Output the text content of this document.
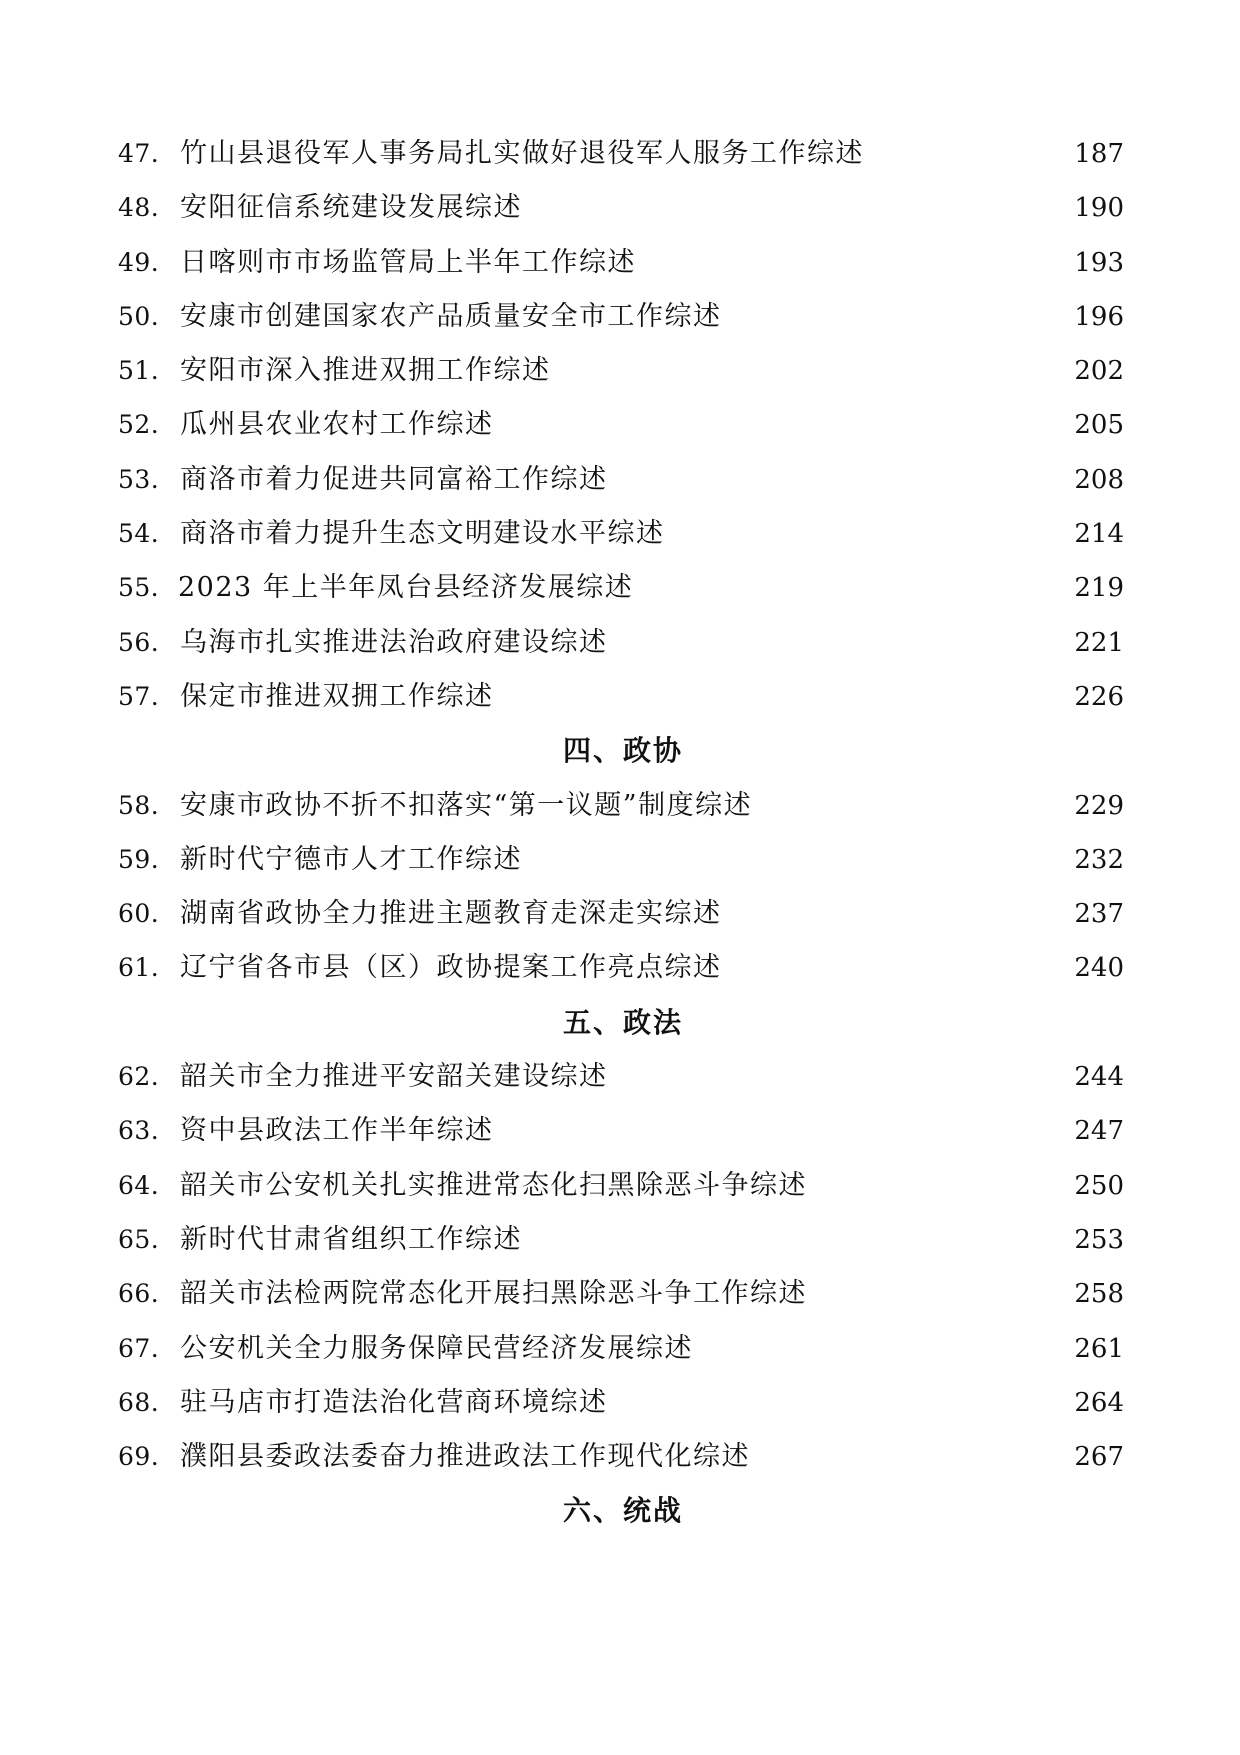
47. 竹山县退役军人事务局扎实做好退役军人服务工作综述	187
48. 安阳征信系统建设发展综述	190
49. 日喀则市市场监管局上半年工作综述	193
50. 安康市创建国家农产品质量安全市工作综述	196
51. 安阳市深入推进双拥工作综述	202
52. 瓜州县农业农村工作综述	205
53. 商洛市着力促进共同富裕工作综述	208
54. 商洛市着力提升生态文明建设水平综述	214
55． 2023 年上半年凤台县经济发展综述	219
56. 乌海市扎实推进法治政府建设综述	221
57. 保定市推进双拥工作综述	226
四、政协
58. 安康市政协不折不扣落实“第一议题”制度综述	229
59. 新时代宁德市人才工作综述	232
60. 湖南省政协全力推进主题教育走深走实综述	237
61. 辽宁省各市县（区）政协提案工作亮点综述	240
五、政法
62. 韶关市全力推进平安韶关建设综述	244
63. 资中县政法工作半年综述	247
64. 韶关市公安机关扎实推进常态化扫黑除恶斗争综述	250
65. 新时代甘肃省组织工作综述	253
66. 韶关市法检两院常态化开展扫黑除恶斗争工作综述	258
67. 公安机关全力服务保障民营经济发展综述	261
68. 驻马店市打造法治化营商环境综述	264
69. 濮阳县委政法委奋力推进政法工作现代化综述	267
六、统战
